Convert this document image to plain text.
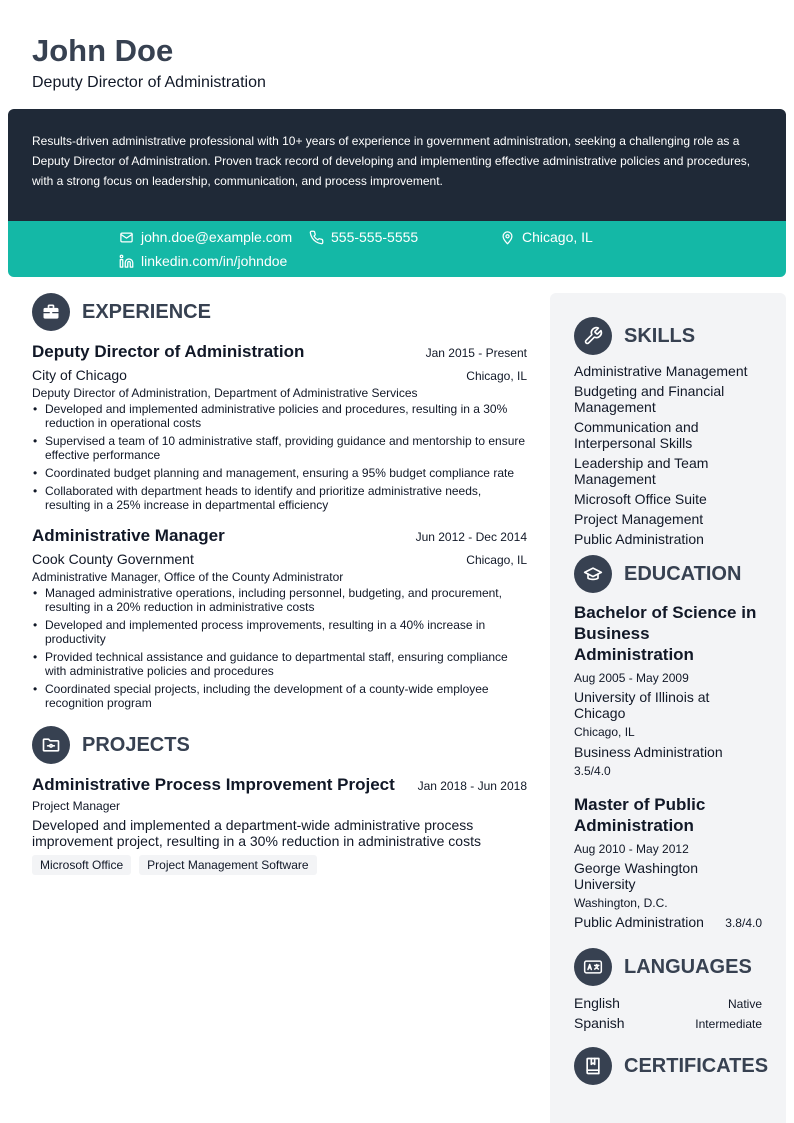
John Doe
Deputy Director of Administration
Results-driven administrative professional with 10+ years of experience in government administration, seeking a challenging role as a Deputy Director of Administration. Proven track record of developing and implementing effective administrative policies and procedures, with a strong focus on leadership, communication, and process improvement.
john.doe@example.com	555-555-5555	Chicago, IL
linkedin.com/in/johndoe
EXPERIENCE
Deputy Director of Administration	Jan 2015 - Present
City of Chicago	Chicago, IL
Deputy Director of Administration, Department of Administrative Services
• Developed and implemented administrative policies and procedures, resulting in a 30% reduction in operational costs
• Supervised a team of 10 administrative staff, providing guidance and mentorship to ensure effective performance
• Coordinated budget planning and management, ensuring a 95% budget compliance rate
• Collaborated with department heads to identify and prioritize administrative needs, resulting in a 25% increase in departmental efficiency
Administrative Manager	Jun 2012 - Dec 2014
Cook County Government	Chicago, IL
Administrative Manager, Office of the County Administrator
• Managed administrative operations, including personnel, budgeting, and procurement, resulting in a 20% reduction in administrative costs
• Developed and implemented process improvements, resulting in a 40% increase in productivity
• Provided technical assistance and guidance to departmental staff, ensuring compliance with administrative policies and procedures
• Coordinated special projects, including the development of a county-wide employee recognition program
PROJECTS
Administrative Process Improvement Project Jan 2018 - Jun 2018
Project Manager
Developed and implemented a department-wide administrative process improvement project, resulting in a 30% reduction in administrative costs
Microsoft Office	Project Management Software
SKILLS
Administrative Management
Budgeting and Financial Management
Communication and Interpersonal Skills
Leadership and Team Management
Microsoft Office Suite
Project Management
Public Administration
EDUCATION
Bachelor of Science in Business Administration
Aug 2005 - May 2009
University of Illinois at Chicago
Chicago, IL
Business Administration
3.5/4.0
Master of Public Administration
Aug 2010 - May 2012
George Washington University
Washington, D.C.
Public Administration 3.8/4.0
LANGUAGES
English	Native
Spanish	Intermediate
CERTIFICATES
